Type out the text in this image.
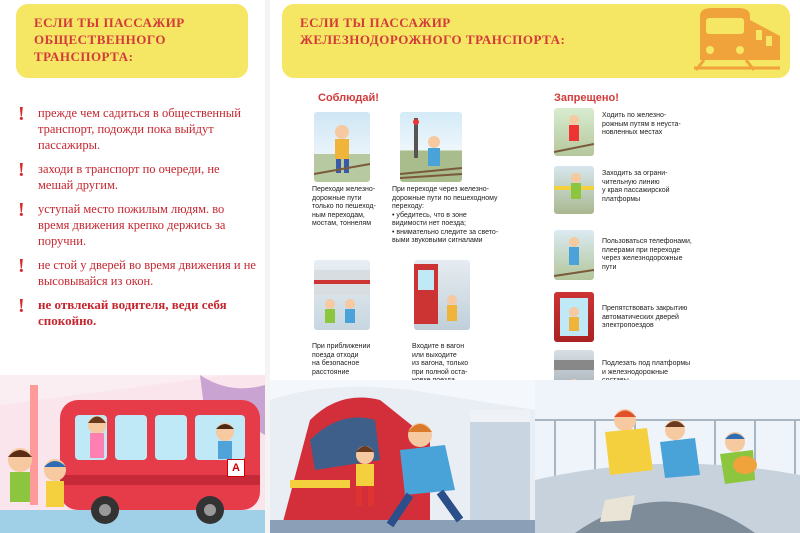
ЕСЛИ ТЫ ПАССАЖИР
ОБЩЕСТВЕННОГО
ТРАНСПОРТА:
!	прежде чем садиться в общественный транспорт, подожди пока выйдут пассажиры.
!	заходи в транспорт по очереди, не мешай другим.
!	уступай место пожилым людям. во время движения крепко держись за поручни.
!	не стой у дверей во время движения и не высовывайся из окон.
!	не отвлекай водителя, веди себя спокойно.
А
ЕСЛИ ТЫ ПАССАЖИР
ЖЕЛЕЗНОДОРОЖНОГО ТРАНСПОРТА:
Соблюдай!	Запрещено!
Переходи железно-
дорожные пути
только по пешеход-
ным переходам,
мостам, тоннелям
При переходе через железно-
дорожные пути по пешеходному
переходу:
• убедитесь, что в зоне
видимости нет поезда;
• внимательно следите за свето-
выми звуковыми сигналами
При приближении
поезда отходи
на безопасное
расстояние
Входите в вагон
или выходите
из вагона, только
при полной оста-

Ходить по железно-
рожным путям в неуста-
новленных местах
Заходить за ограни-
чительную линию
у края пассажирской
платформы
Пользоваться телефонами,
плеерами при переходе
через железнодорожные
пути
Препятствовать закрытию
автоматических дверей
электропоездов
Подлезать под платформы
и железнодорожные
